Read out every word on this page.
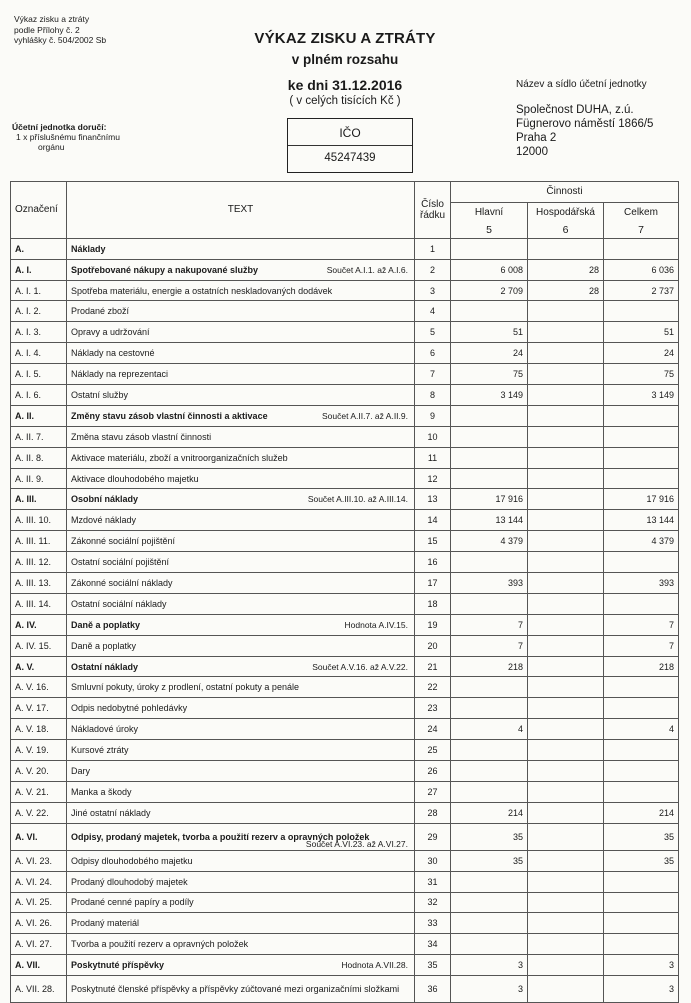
Výkaz zisku a ztráty
podle Přílohy č. 2
vyhlášky č. 504/2002 Sb	VÝKAZ ZISKU A ZTRÁTY
v plném rozsahu
ke dni 31.12.2016
( v celých tisících Kč )
Název a sídlo účetní jednotky
Společnost DUHA, z.ú.
Fügnerovo náměstí 1866/5
Praha 2
12000
Účetní jednotka doručí:
1 x příslušnému finančnímu
orgánu
IČO
45247439
Označení	TEXT	Číslo řádku	Činnosti		
			Hlavní	Hospodářská	Celkem
			5	6	7
A.	Náklady	1			
A. I.	Spotřebované nákupy a nakupované služby Součet A.I.1. až A.I.6.	2	6 008	28	6 036
A. I. 1.	Spotřeba materiálu, energie a ostatních neskladovaných dodávek	3	2 709	28	2 737
A. I. 2.	Prodané zboží	4			
A. I. 3.	Opravy a udržování	5	51		51
A. I. 4.	Náklady na cestovné	6	24		24
A. I. 5.	Náklady na reprezentaci	7	75		75
A. I. 6.	Ostatní služby	8	3 149		3 149
A. II.	Změny stavu zásob vlastní činnosti a aktivace Součet A.II.7. až A.II.9.	9			
A. II. 7.	Změna stavu zásob vlastní činnosti	10			
A. II. 8.	Aktivace materiálu, zboží a vnitroorganizačních služeb	11			
A. II. 9.	Aktivace dlouhodobého majetku	12			
A. III.	Osobní náklady Součet A.III.10. až A.III.14.	13	17 916		17 916
A. III. 10.	Mzdové náklady	14	13 144		13 144
A. III. 11.	Zákonné sociální pojištění	15	4 379		4 379
A. III. 12.	Ostatní sociální pojištění	16			
A. III. 13.	Zákonné sociální náklady	17	393		393
A. III. 14.	Ostatní sociální náklady	18			
A. IV.	Daně a poplatky Hodnota A.IV.15.	19	7		7
A. IV. 15.	Daně a poplatky	20	7		7
A. V.	Ostatní náklady Součet A.V.16. až A.V.22.	21	218		218
A. V. 16.	Smluvní pokuty, úroky z prodlení, ostatní pokuty a penále	22			
A. V. 17.	Odpis nedobytné pohledávky	23			
A. V. 18.	Nákladové úroky	24	4		4
A. V. 19.	Kursové ztráty	25			
A. V. 20.	Dary	26			
A. V. 21.	Manka a škody	27			
A. V. 22.	Jiné ostatní náklady	28	214		214
A. VI.	Odpisy, prodaný majetek, tvorba a použití rezerv a opravných položek
Součet A.VI.23. až A.VI.27.	29	35		35
A. VI. 23.	Odpisy dlouhodobého majetku	30	35		35
A. VI. 24.	Prodaný dlouhodobý majetek	31			
A. VI. 25.	Prodané cenné papíry a podíly	32			
A. VI. 26.	Prodaný materiál	33			
A. VI. 27.	Tvorba a použití rezerv a opravných položek	34			
A. VII.	Poskytnuté příspěvky Hodnota A.VII.28.	35	3		3
A. VII. 28.	Poskytnuté členské příspěvky a příspěvky zúčtované mezi organizačními složkami	36	3		3
